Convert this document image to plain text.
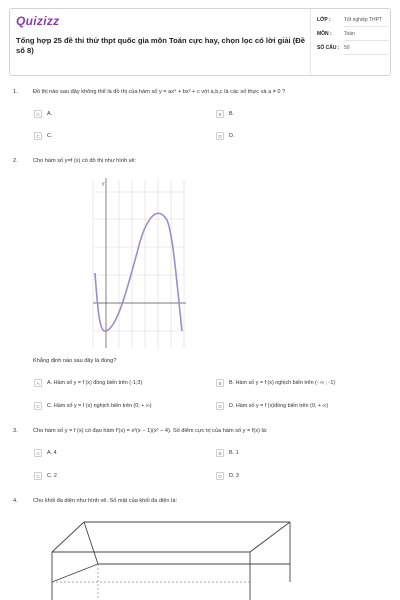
Quizizz
Tổng hợp 25 đề thi thử thpt quốc gia môn Toán cực hay, chọn lọc có lời giải (Đề số 8)
LỚP :	Tốt nghiệp THPT
MÔN :	Toán
SỐ CÂU : 50
1.	Đồ thị nào sau đây không thể là đồ thị của hàm số y = ax⁴ + bx² + c với a,b,c là các số thực và a ≠ 0 ?
A	A.	B	B.
C	C.	D	D.
2.	Cho hàm số y=f (x) có đồ thị như hình vẽ:
y
Khẳng định nào sau đây là đúng?
A	A. Hàm số y = f (x) đồng biến trên (-1;3)	B	B. Hàm số y = f (x) nghịch biến trên (- ∞ ; -1)
C	C. Hàm số y = f (x) nghịch biến trên (0; + ∞)	D	D. Hàm số y = f (x)đồng biến trên (0; + ∞)
3.	Cho hàm số y = f (x) có đạo hàm f′(x) = x²(x − 1)(x² − 4). Số điểm cực trị của hàm số y = f(x) là:
A	A. 4	B	B. 1
C	C. 2	D	D. 3
4.	Cho khối đa diện như hình vẽ. Số mặt của khối đa diện là:
